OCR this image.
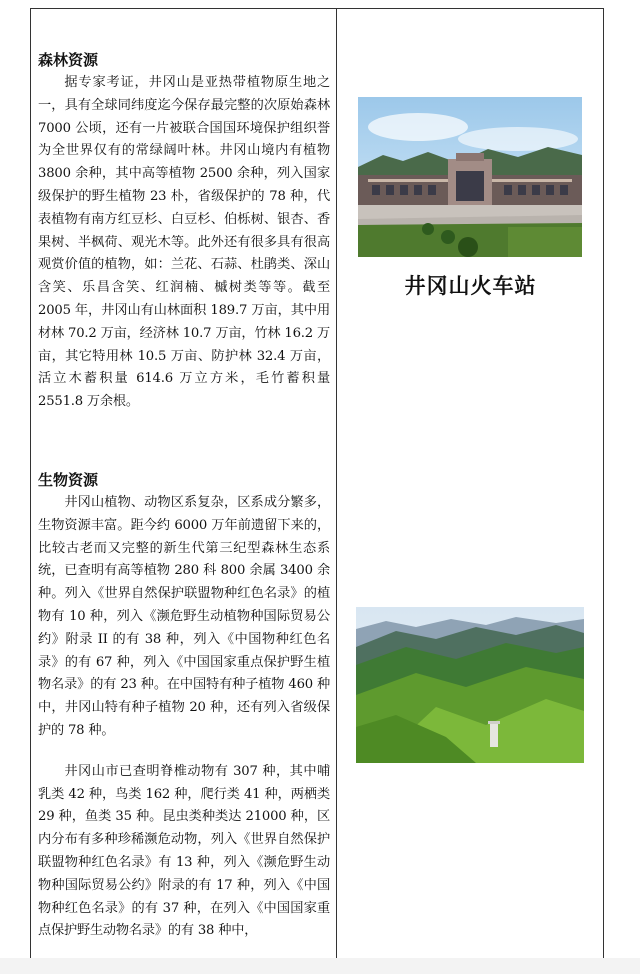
森林资源

据专家考证，井冈山是亚热带植物原生地之一，具有全球同纬度迄今保存最完整的次原始森林 7000 公顷，还有一片被联合国国环境保护组织誉为全世界仅有的常绿阔叶林。井冈山境内有植物 3800 余种，其中高等植物 2500 余种，列入国家级保护的野生植物 23 朴，省级保护的 78 种，代表植物有南方红豆杉、白豆杉、伯栎树、银杏、香果树、半枫荷、观光木等。此外还有很多具有很高观赏价值的植物，如：兰花、石蒜、杜鹃类、深山含笑、乐昌含笑、红润楠、槭树类等等。截至 2005 年，井冈山有山林面积 189.7 万亩，其中用材林 70.2 万亩，经济林 10.7 万亩，竹林 16.2 万亩，其它特用林 10.5 万亩、防护林 32.4 万亩，活立木蓄积量 614.6 万立方米，毛竹蓄积量 2551.8 万余根。

生物资源

井冈山植物、动物区系复杂，区系成分繁多，生物资源丰富。距今约 6000 万年前遗留下来的，比较古老而又完整的新生代第三纪型森林生态系统，已查明有高等植物 280 科 800 余属 3400 余种。列入《世界自然保护联盟物种红色名录》的植物有 10 种，列入《濒危野生动植物种国际贸易公约》附录 II 的有 38 种，列入《中国物种红色名录》的有 67 种，列入《中国国家重点保护野生植物名录》的有 23 种。在中国特有种子植物 460 种中，井冈山特有种子植物 20 种，还有列入省级保护的 78 种。

井冈山市已查明脊椎动物有 307 种，其中哺乳类 42 种，鸟类 162 种，爬行类 41 种，两栖类 29 种，鱼类 35 种。昆虫类种类达 21000 种，区内分布有多种珍稀濒危动物，列入《世界自然保护联盟物种红色名录》有 13 种，列入《濒危野生动物种国际贸易公约》附录的有 17 种，列入《中国物种红色名录》的有 37 种，在列入《中国国家重点保护野生动物名录》的有 38 种中，

井冈山火车站
